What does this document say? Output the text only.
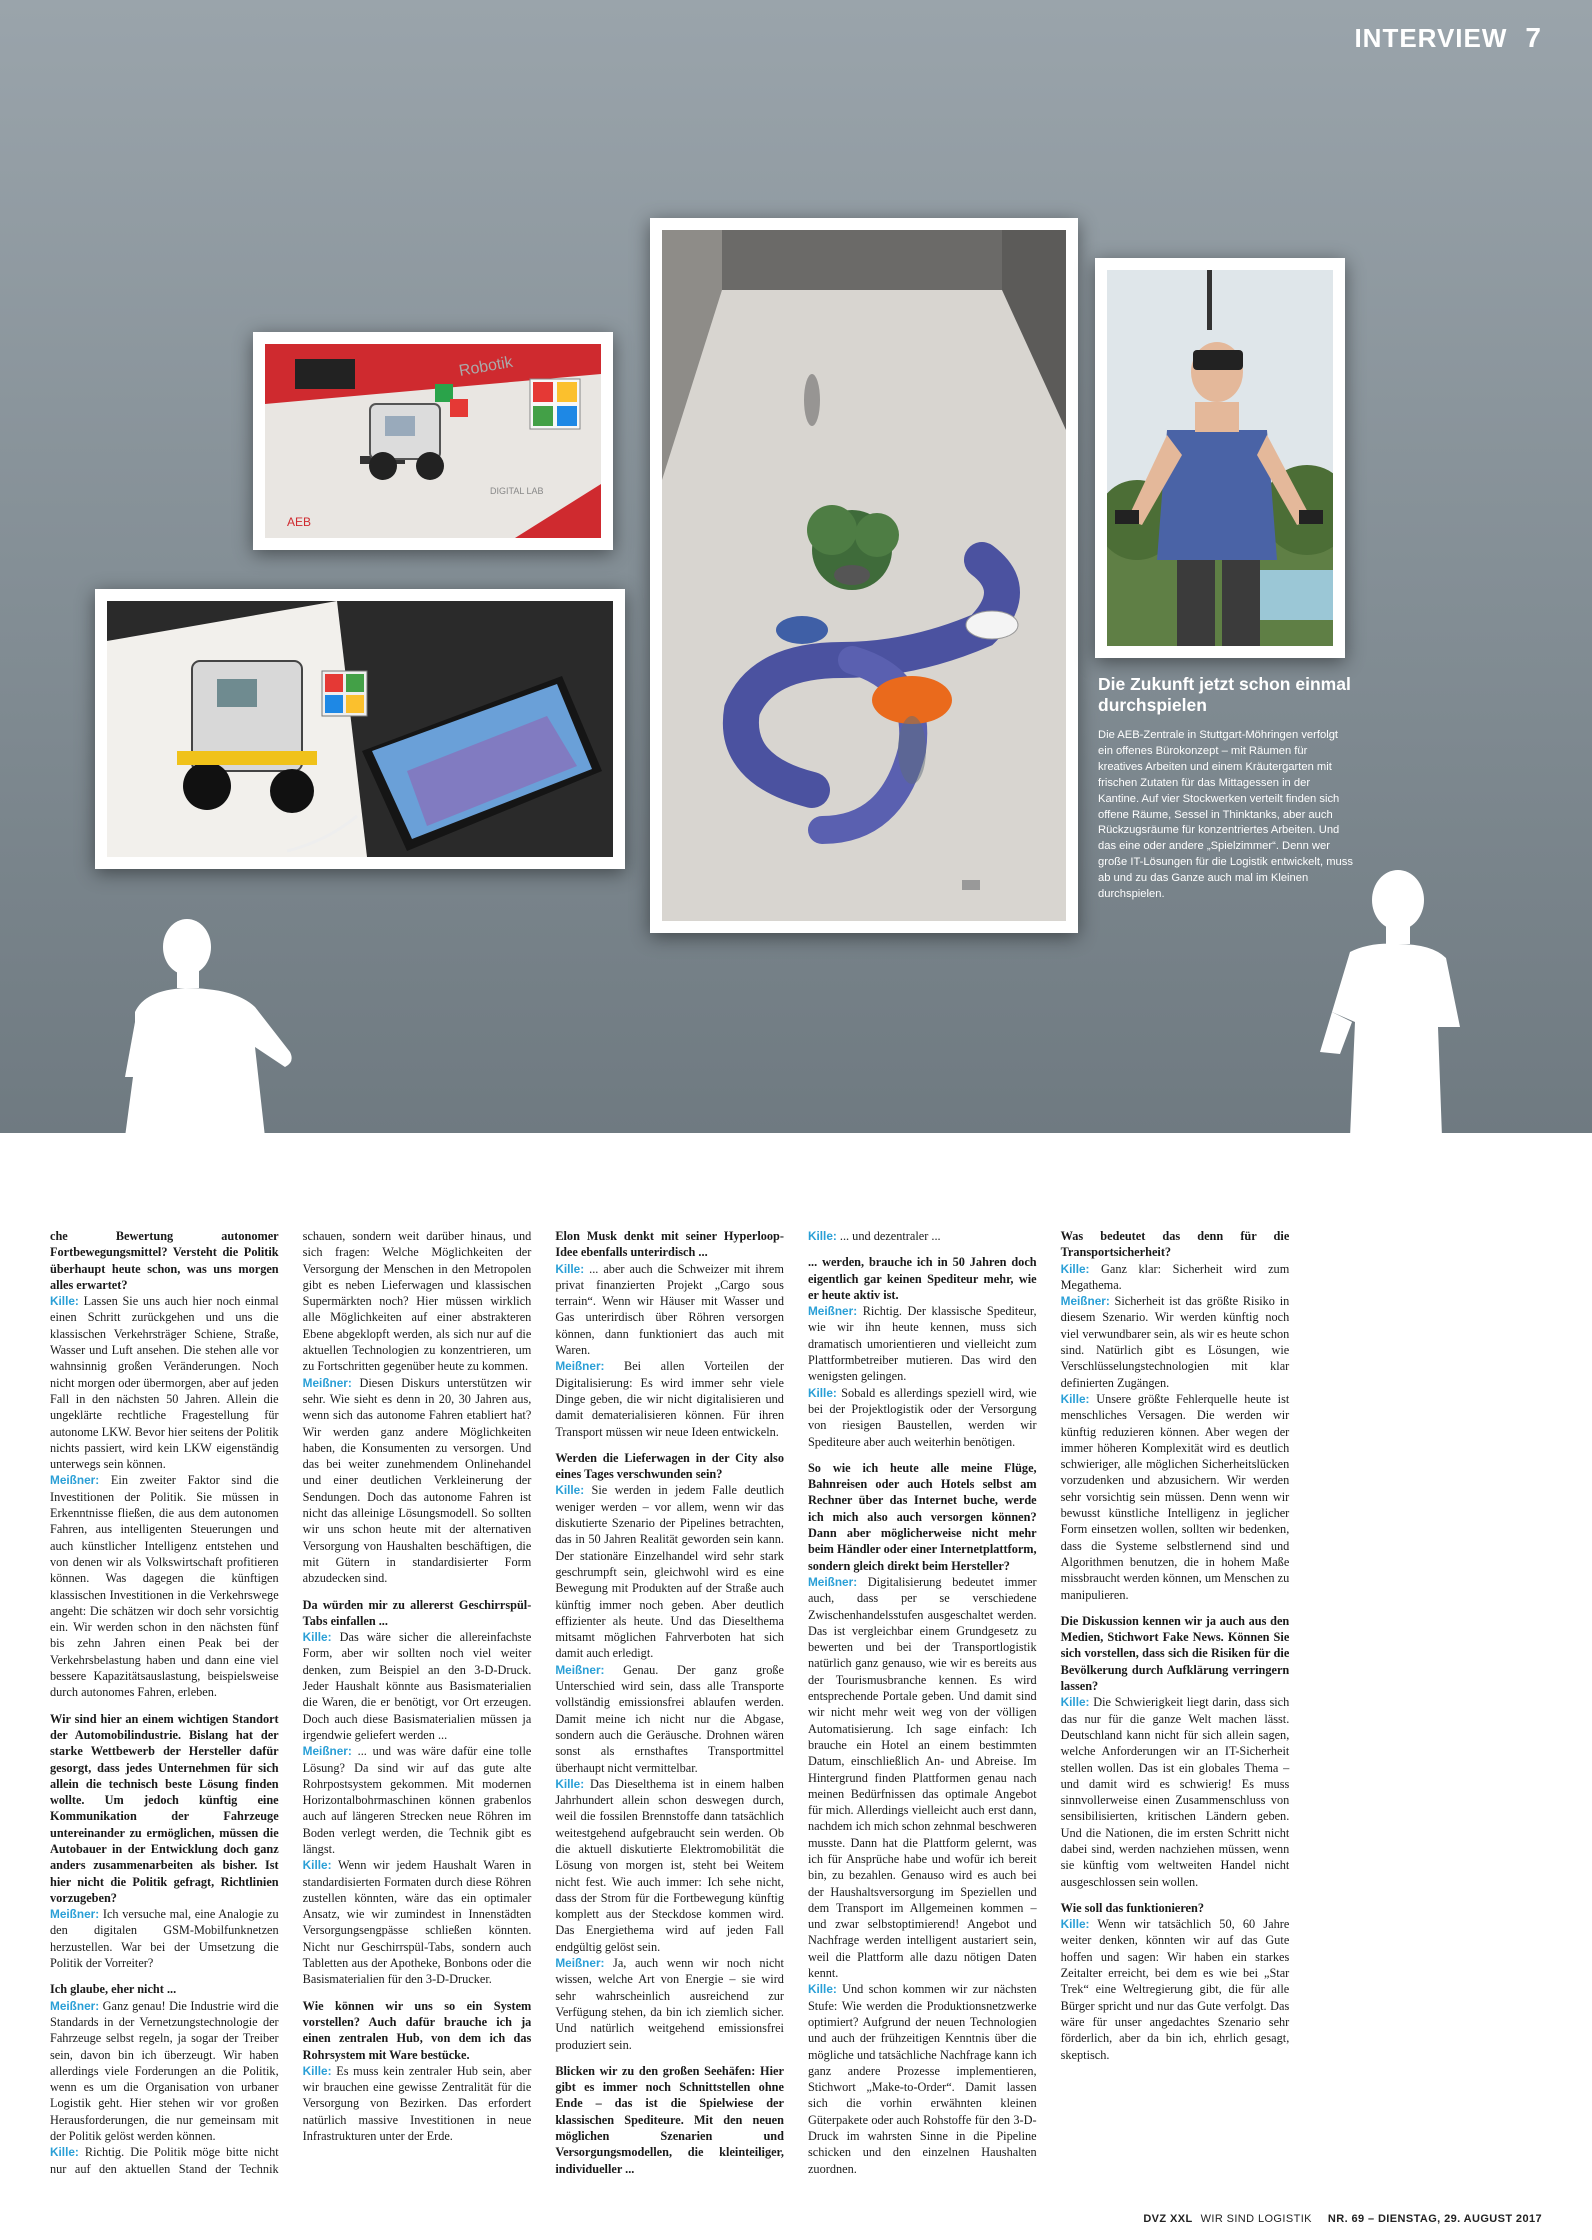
INTERVIEW 7
Robotik
AEB
DIGITAL LAB
Die Zukunft jetzt schon einmal durchspielen

Die AEB-Zentrale in Stuttgart-Möhringen verfolgt ein offenes Bürokonzept – mit Räumen für kreatives Arbeiten und einem Kräutergarten mit frischen Zutaten für das Mittagessen in der Kantine. Auf vier Stockwerken verteilt finden sich offene Räume, Sessel in Thinktanks, aber auch Rückzugsräume für konzentriertes Arbeiten. Und das eine oder andere „Spielzimmer“. Denn wer große IT-Lösungen für die Logistik entwickelt, muss ab und zu das Ganze auch mal im Kleinen durchspielen.

che Bewertung autonomer Fortbewegungsmittel? Versteht die Politik überhaupt heute schon, was uns morgen alles erwartet?

Kille: Lassen Sie uns auch hier noch einmal einen Schritt zurückgehen und uns die klassischen Verkehrsträger Schiene, Straße, Wasser und Luft ansehen. Die stehen alle vor wahnsinnig großen Veränderungen. Noch nicht morgen oder übermorgen, aber auf jeden Fall in den nächsten 50 Jahren. Allein die ungeklärte rechtliche Fragestellung für autonome LKW. Bevor hier seitens der Politik nichts passiert, wird kein LKW eigenständig unterwegs sein können.

Meißner: Ein zweiter Faktor sind die Investitionen der Politik. Sie müssen in Erkenntnisse fließen, die aus dem autonomen Fahren, aus intelligenten Steuerungen und auch künstlicher Intelligenz entstehen und von denen wir als Volkswirtschaft profitieren können. Was dagegen die künftigen klassischen Investitionen in die Verkehrswege angeht: Die schätzen wir doch sehr vorsichtig ein. Wir werden schon in den nächsten fünf bis zehn Jahren einen Peak bei der Verkehrsbelastung haben und dann eine viel bessere Kapazitätsauslastung, beispielsweise durch autonomes Fahren, erleben.

Wir sind hier an einem wichtigen Standort der Automobilindustrie. Bislang hat der starke Wettbewerb der Hersteller dafür gesorgt, dass jedes Unternehmen für sich allein die technisch beste Lösung finden wollte. Um jedoch künftig eine Kommunikation der Fahrzeuge untereinander zu ermöglichen, müssen die Autobauer in der Entwicklung doch ganz anders zusammenarbeiten als bisher. Ist hier nicht die Politik gefragt, Richtlinien vorzugeben?

Meißner: Ich versuche mal, eine Analogie zu den digitalen GSM-Mobilfunknetzen herzustellen. War bei der Umsetzung die Politik der Vorreiter?

Ich glaube, eher nicht ...

Meißner: Ganz genau! Die Industrie wird die Standards in der Vernetzungstechnologie der Fahrzeuge selbst regeln, ja sogar der Treiber sein, davon bin ich überzeugt. Wir haben allerdings viele Forderungen an die Politik, wenn es um die Organisation von urbaner Logistik geht. Hier stehen wir vor großen Herausforderungen, die nur gemeinsam mit der Politik gelöst werden können.

Kille: Richtig. Die Politik möge bitte nicht nur auf den aktuellen Stand der Technik schauen, sondern weit darüber hinaus, und sich fragen: Welche Möglichkeiten der Versorgung der Menschen in den Metropolen gibt es neben Lieferwagen und klassischen Supermärkten noch? Hier müssen wirklich alle Möglichkeiten auf einer abstrakteren Ebene abgeklopft werden, als sich nur auf die aktuellen Technologien zu konzentrieren, um zu Fortschritten gegenüber heute zu kommen.

Meißner: Diesen Diskurs unterstützen wir sehr. Wie sieht es denn in 20, 30 Jahren aus, wenn sich das autonome Fahren etabliert hat? Wir werden ganz andere Möglichkeiten haben, die Konsumenten zu versorgen. Und das bei weiter zunehmendem Onlinehandel und einer deutlichen Verkleinerung der Sendungen. Doch das autonome Fahren ist nicht das alleinige Lösungsmodell. So sollten wir uns schon heute mit der alternativen Versorgung von Haushalten beschäftigen, die mit Gütern in standardisierter Form abzudecken sind.

Da würden mir zu allererst Geschirrspül-Tabs einfallen ...

Kille: Das wäre sicher die allereinfachste Form, aber wir sollten noch viel weiter denken, zum Beispiel an den 3-D-Druck. Jeder Haushalt könnte aus Basismaterialien die Waren, die er benötigt, vor Ort erzeugen. Doch auch diese Basismaterialien müssen ja irgendwie geliefert werden ...

Meißner: ... und was wäre dafür eine tolle Lösung? Da sind wir auf das gute alte Rohrpostsystem gekommen. Mit modernen Horizontalbohrmaschinen können grabenlos auch auf längeren Strecken neue Röhren im Boden verlegt werden, die Technik gibt es längst.

Kille: Wenn wir jedem Haushalt Waren in standardisierten Formaten durch diese Röhren zustellen könnten, wäre das ein optimaler Ansatz, wie wir zumindest in Innenstädten Versorgungsengpässe schließen könnten. Nicht nur Geschirrspül-Tabs, sondern auch Tabletten aus der Apotheke, Bonbons oder die Basismaterialien für den 3-D-Drucker.

Wie können wir uns so ein System vorstellen? Auch dafür brauche ich ja einen zentralen Hub, von dem ich das Rohrsystem mit Ware bestücke.

Kille: Es muss kein zentraler Hub sein, aber wir brauchen eine gewisse Zentralität für die Versorgung von Bezirken. Das erfordert natürlich massive Investitionen in neue Infrastrukturen unter der Erde.

Elon Musk denkt mit seiner Hyperloop-Idee ebenfalls unterirdisch ...

Kille: ... aber auch die Schweizer mit ihrem privat finanzierten Projekt „Cargo sous terrain“. Wenn wir Häuser mit Wasser und Gas unterirdisch über Röhren versorgen können, dann funktioniert das auch mit Waren.

Meißner: Bei allen Vorteilen der Digitalisierung: Es wird immer sehr viele Dinge geben, die wir nicht digitalisieren und damit dematerialisieren können. Für ihren Transport müssen wir neue Ideen entwickeln.

Werden die Lieferwagen in der City also eines Tages verschwunden sein?

Kille: Sie werden in jedem Falle deutlich weniger werden – vor allem, wenn wir das diskutierte Szenario der Pipelines betrachten, das in 50 Jahren Realität geworden sein kann. Der stationäre Einzelhandel wird sehr stark geschrumpft sein, gleichwohl wird es eine Bewegung mit Produkten auf der Straße auch künftig immer noch geben. Aber deutlich effizienter als heute. Und das Dieselthema mitsamt möglichen Fahrverboten hat sich damit auch erledigt.

Meißner: Genau. Der ganz große Unterschied wird sein, dass alle Transporte vollständig emissionsfrei ablaufen werden. Damit meine ich nicht nur die Abgase, sondern auch die Geräusche. Drohnen wären sonst als ernsthaftes Transportmittel überhaupt nicht vermittelbar.

Kille: Das Dieselthema ist in einem halben Jahrhundert allein schon deswegen durch, weil die fossilen Brennstoffe dann tatsächlich weitestgehend aufgebraucht sein werden. Ob die aktuell diskutierte Elektromobilität die Lösung von morgen ist, steht bei Weitem nicht fest. Wie auch immer: Ich sehe nicht, dass der Strom für die Fortbewegung künftig komplett aus der Steckdose kommen wird. Das Energiethema wird auf jeden Fall endgültig gelöst sein.

Meißner: Ja, auch wenn wir noch nicht wissen, welche Art von Energie – sie wird sehr wahrscheinlich ausreichend zur Verfügung stehen, da bin ich ziemlich sicher. Und natürlich weitgehend emissionsfrei produziert sein.

Blicken wir zu den großen Seehäfen: Hier gibt es immer noch Schnittstellen ohne Ende – das ist die Spielwiese der klassischen Spediteure. Mit den neuen möglichen Szenarien und Versorgungsmodellen, die kleinteiliger, individueller ...

Kille: ... und dezentraler ...

... werden, brauche ich in 50 Jahren doch eigentlich gar keinen Spediteur mehr, wie er heute aktiv ist.

Meißner: Richtig. Der klassische Spediteur, wie wir ihn heute kennen, muss sich dramatisch umorientieren und vielleicht zum Plattformbetreiber mutieren. Das wird den wenigsten gelingen.

Kille: Sobald es allerdings speziell wird, wie bei der Projektlogistik oder der Versorgung von riesigen Baustellen, werden wir Spediteure aber auch weiterhin benötigen.

So wie ich heute alle meine Flüge, Bahnreisen oder auch Hotels selbst am Rechner über das Internet buche, werde ich mich also auch versorgen können? Dann aber möglicherweise nicht mehr beim Händler oder einer Internetplattform, sondern gleich direkt beim Hersteller?

Meißner: Digitalisierung bedeutet immer auch, dass per se verschiedene Zwischenhandelsstufen ausgeschaltet werden. Das ist vergleichbar einem Grundgesetz zu bewerten und bei der Transportlogistik natürlich ganz genauso, wie wir es bereits aus der Tourismusbranche kennen. Es wird entsprechende Portale geben. Und damit sind wir nicht mehr weit weg von der völligen Automatisierung. Ich sage einfach: Ich brauche ein Hotel an einem bestimmten Datum, einschließlich An- und Abreise. Im Hintergrund finden Plattformen genau nach meinen Bedürfnissen das optimale Angebot für mich. Allerdings vielleicht auch erst dann, nachdem ich mich schon zehnmal beschweren musste. Dann hat die Plattform gelernt, was ich für Ansprüche habe und wofür ich bereit bin, zu bezahlen. Genauso wird es auch bei der Haushaltsversorgung im Speziellen und dem Transport im Allgemeinen kommen – und zwar selbstoptimierend! Angebot und Nachfrage werden intelligent austariert sein, weil die Plattform alle dazu nötigen Daten kennt.

Kille: Und schon kommen wir zur nächsten Stufe: Wie werden die Produktionsnetzwerke optimiert? Aufgrund der neuen Technologien und auch der frühzeitigen Kenntnis über die mögliche und tatsächliche Nachfrage kann ich ganz andere Prozesse implementieren, Stichwort „Make-to-Order“. Damit lassen sich die vorhin erwähnten kleinen Güterpakete oder auch Rohstoffe für den 3-D-Druck im wahrsten Sinne in die Pipeline schicken und den einzelnen Haushalten zuordnen.

Was bedeutet das denn für die Transportsicherheit?

Kille: Ganz klar: Sicherheit wird zum Megathema.

Meißner: Sicherheit ist das größte Risiko in diesem Szenario. Wir werden künftig noch viel verwundbarer sein, als wir es heute schon sind. Natürlich gibt es Lösungen, wie Verschlüsselungstechnologien mit klar definierten Zugängen.

Kille: Unsere größte Fehlerquelle heute ist menschliches Versagen. Die werden wir künftig reduzieren können. Aber wegen der immer höheren Komplexität wird es deutlich schwieriger, alle möglichen Sicherheitslücken vorzudenken und abzusichern. Wir werden sehr vorsichtig sein müssen. Denn wenn wir bewusst künstliche Intelligenz in jeglicher Form einsetzen wollen, sollten wir bedenken, dass die Systeme selbstlernend sind und Algorithmen benutzen, die in hohem Maße missbraucht werden können, um Menschen zu manipulieren.

Die Diskussion kennen wir ja auch aus den Medien, Stichwort Fake News. Können Sie sich vorstellen, dass sich die Risiken für die Bevölkerung durch Aufklärung verringern lassen?

Kille: Die Schwierigkeit liegt darin, dass sich das nur für die ganze Welt machen lässt. Deutschland kann nicht für sich allein sagen, welche Anforderungen wir an IT-Sicherheit stellen wollen. Das ist ein globales Thema – und damit wird es schwierig! Es muss sinnvollerweise einen Zusammenschluss von sensibilisierten, kritischen Ländern geben. Und die Nationen, die im ersten Schritt nicht dabei sind, werden nachziehen müssen, wenn sie künftig vom weltweiten Handel nicht ausgeschlossen sein wollen.

Wie soll das funktionieren?

Kille: Wenn wir tatsächlich 50, 60 Jahre weiter denken, könnten wir auf das Gute hoffen und sagen: Wir haben ein starkes Zeitalter erreicht, bei dem es wie bei „Star Trek“ eine Weltregierung gibt, die für alle Bürger spricht und nur das Gute verfolgt. Das wäre für unser angedachtes Szenario sehr förderlich, aber da bin ich, ehrlich gesagt, skeptisch.

DVZ XXL WIR SIND LOGISTIK NR. 69 – DIENSTAG, 29. AUGUST 2017
